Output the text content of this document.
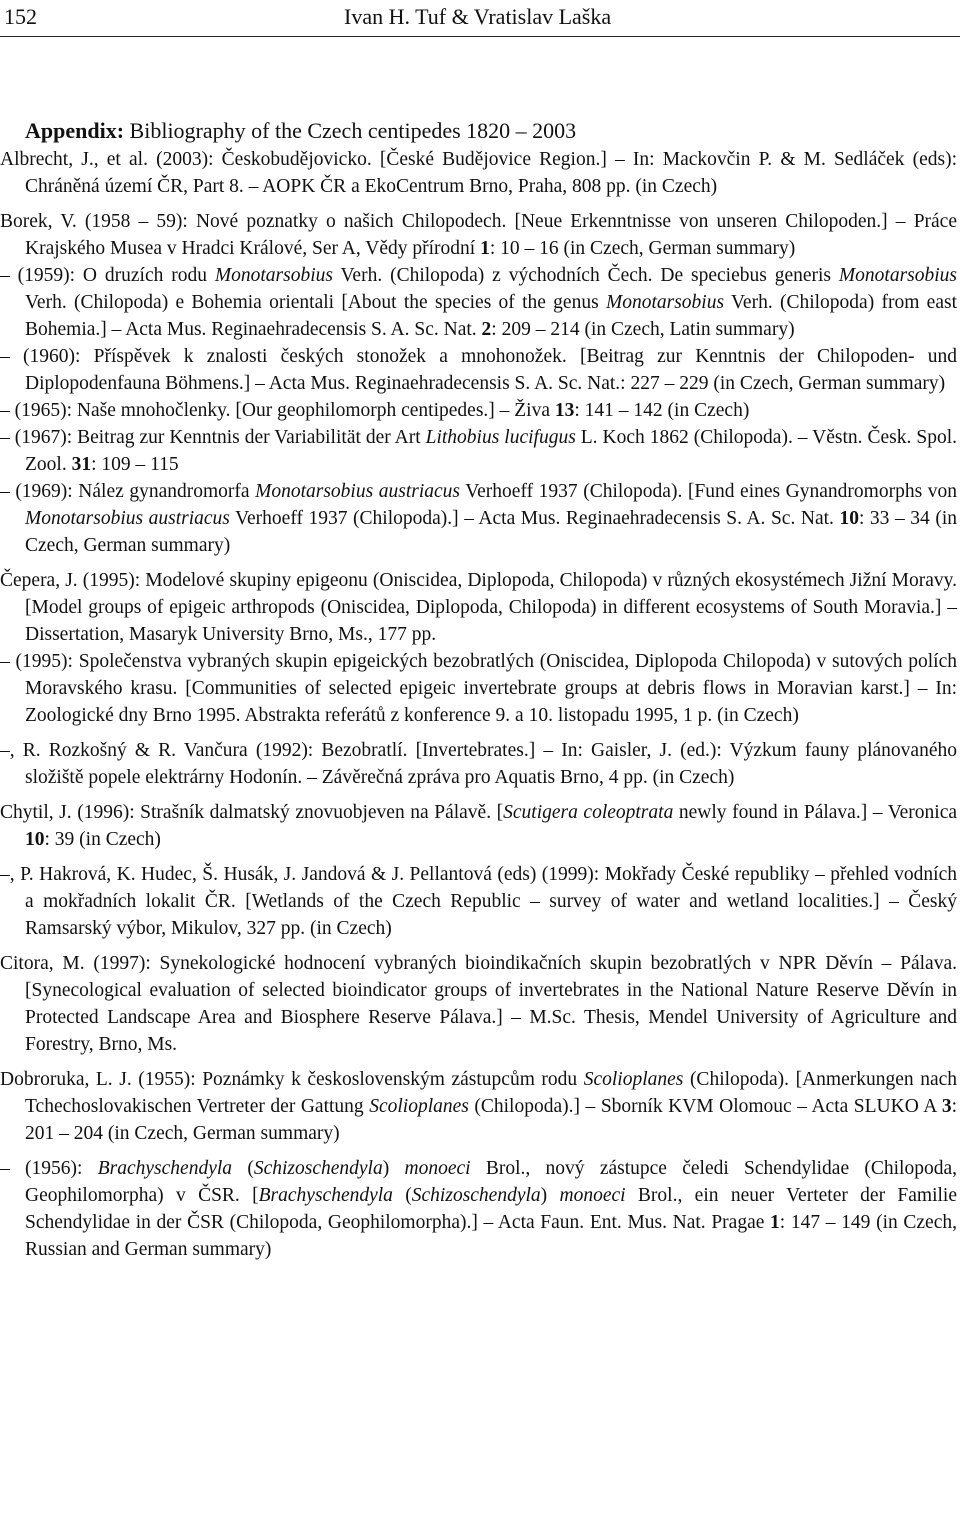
152	Ivan H. Tuf & Vratislav Laška
Appendix: Bibliography of the Czech centipedes 1820 – 2003

Albrecht, J., et al. (2003): Českobudějovicko. [České Budějovice Region.] – In: Mackovčin P. & M. Sedláček (eds): Chráněná území ČR, Part 8. – AOPK ČR a EkoCentrum Brno, Praha, 808 pp. (in Czech)

Borek, V. (1958 – 59): Nové poznatky o našich Chilopodech. [Neue Erkenntnisse von unseren Chilopoden.] – Práce Krajského Musea v Hradci Králové, Ser A, Vědy přírodní 1: 10 – 16 (in Czech, German summary)

– (1959): O druzích rodu Monotarsobius Verh. (Chilopoda) z východních Čech. De speciebus generis Monotarsobius Verh. (Chilopoda) e Bohemia orientali [About the species of the genus Monotarsobius Verh. (Chilopoda) from east Bohemia.] – Acta Mus. Reginaehradecensis S. A. Sc. Nat. 2: 209 – 214 (in Czech, Latin summary)

– (1960): Příspěvek k znalosti českých stonožek a mnohonožek. [Beitrag zur Kenntnis der Chilopoden- und Diplopodenfauna Böhmens.] – Acta Mus. Reginaehradecensis S. A. Sc. Nat.: 227 – 229 (in Czech, German summary)

– (1965): Naše mnohočlenky. [Our geophilomorph centipedes.] – Živa 13: 141 – 142 (in Czech)

– (1967): Beitrag zur Kenntnis der Variabilität der Art Lithobius lucifugus L. Koch 1862 (Chilopoda). – Věstn. Česk. Spol. Zool. 31: 109 – 115

– (1969): Nález gynandromorfa Monotarsobius austriacus Verhoeff 1937 (Chilopoda). [Fund eines Gynandromorphs von Monotarsobius austriacus Verhoeff 1937 (Chilopoda).] – Acta Mus. Reginaehradecensis S. A. Sc. Nat. 10: 33 – 34 (in Czech, German summary)

Čepera, J. (1995): Modelové skupiny epigeonu (Oniscidea, Diplopoda, Chilopoda) v různých ekosystémech Jižní Moravy. [Model groups of epigeic arthropods (Oniscidea, Diplopoda, Chilopoda) in different ecosystems of South Moravia.] – Dissertation, Masaryk University Brno, Ms., 177 pp.

– (1995): Společenstva vybraných skupin epigeických bezobratlých (Oniscidea, Diplopoda Chilopoda) v sutových polích Moravského krasu. [Communities of selected epigeic invertebrate groups at debris flows in Moravian karst.] – In: Zoologické dny Brno 1995. Abstrakta referátů z konference 9. a 10. listopadu 1995, 1 p. (in Czech)

–, R. Rozkošný & R. Vančura (1992): Bezobratlí. [Invertebrates.] – In: Gaisler, J. (ed.): Výzkum fauny plánovaného složiště popele elektrárny Hodonín. – Závěrečná zpráva pro Aquatis Brno, 4 pp. (in Czech)

Chytil, J. (1996): Strašník dalmatský znovuobjeven na Pálavě. [Scutigera coleoptrata newly found in Pálava.] – Veronica 10: 39 (in Czech)

–, P. Hakrová, K. Hudec, Š. Husák, J. Jandová & J. Pellantová (eds) (1999): Mokřady České republiky – přehled vodních a mokřadních lokalit ČR. [Wetlands of the Czech Republic – survey of water and wetland localities.] – Český Ramsarský výbor, Mikulov, 327 pp. (in Czech)

Citora, M. (1997): Synekologické hodnocení vybraných bioindikačních skupin bezobratlých v NPR Děvín – Pálava. [Synecological evaluation of selected bioindicator groups of invertebrates in the National Nature Reserve Děvín in Protected Landscape Area and Biosphere Reserve Pálava.] – M.Sc. Thesis, Mendel University of Agriculture and Forestry, Brno, Ms.

Dobroruka, L. J. (1955): Poznámky k československým zástupcům rodu Scolioplanes (Chilopoda). [Anmerkungen nach Tchechoslovakischen Vertreter der Gattung Scolioplanes (Chilopoda).] – Sborník KVM Olomouc – Acta SLUKO A 3: 201 – 204 (in Czech, German summary)

– (1956): Brachyschendyla (Schizoschendyla) monoeci Brol., nový zástupce čeledi Schendylidae (Chilopoda, Geophilomorpha) v ČSR. [Brachyschendyla (Schizoschendyla) monoeci Brol., ein neuer Verteter der Familie Schendylidae in der ČSR (Chilopoda, Geophilomorpha).] – Acta Faun. Ent. Mus. Nat. Pragae 1: 147 – 149 (in Czech, Russian and German summary)
